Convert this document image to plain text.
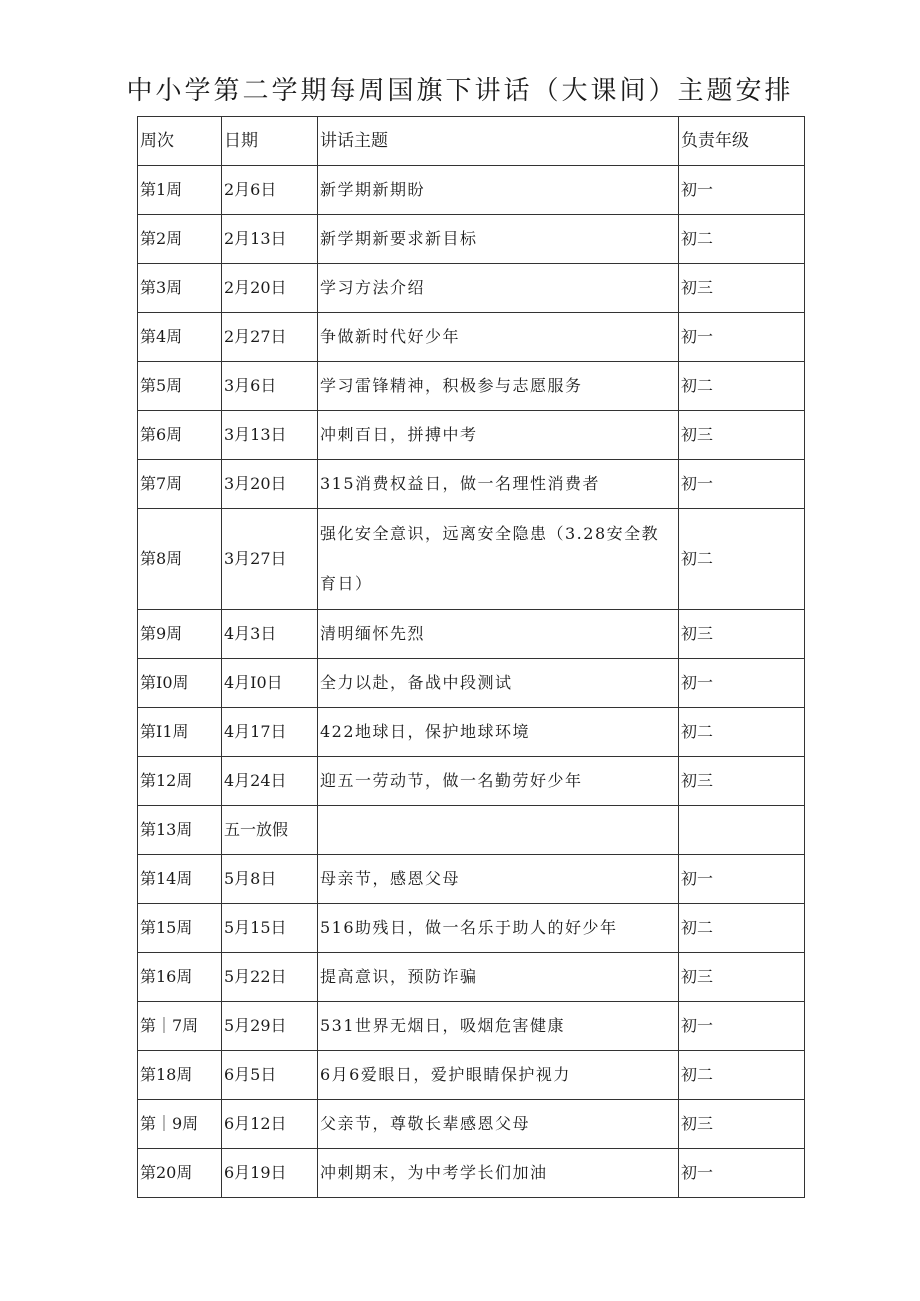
中小学第二学期每周国旗下讲话（大课间）主题安排
周次	日期	讲话主题	负责年级
第1周	2月6日	新学期新期盼	初一
第2周	2月13日	新学期新要求新目标	初二
第3周	2月20日	学习方法介绍	初三
第4周	2月27日	争做新时代好少年	初一
第5周	3月6日	学习雷锋精神，积极参与志愿服务	初二
第6周	3月13日	冲刺百日，拼搏中考	初三
第7周	3月20日	315消费权益日，做一名理性消费者	初一
第8周	3月27日	强化安全意识，远离安全隐患（3.28安全教育日）	初二
第9周	4月3日	清明缅怀先烈	初三
第I0周	4月I0日	全力以赴，备战中段测试	初一
第I1周	4月17日	422地球日，保护地球环境	初二
第12周	4月24日	迎五一劳动节，做一名勤劳好少年	初三
第13周	五一放假		
第14周	5月8日	母亲节，感恩父母	初一
第15周	5月15日	516助残日，做一名乐于助人的好少年	初二
第16周	5月22日	提高意识，预防诈骗	初三
第｜7周	5月29日	531世界无烟日，吸烟危害健康	初一
第18周	6月5日	6月6爱眼日，爱护眼睛保护视力	初二
第｜9周	6月12日	父亲节，尊敬长辈感恩父母	初三
第20周	6月19日	冲刺期末，为中考学长们加油	初一
